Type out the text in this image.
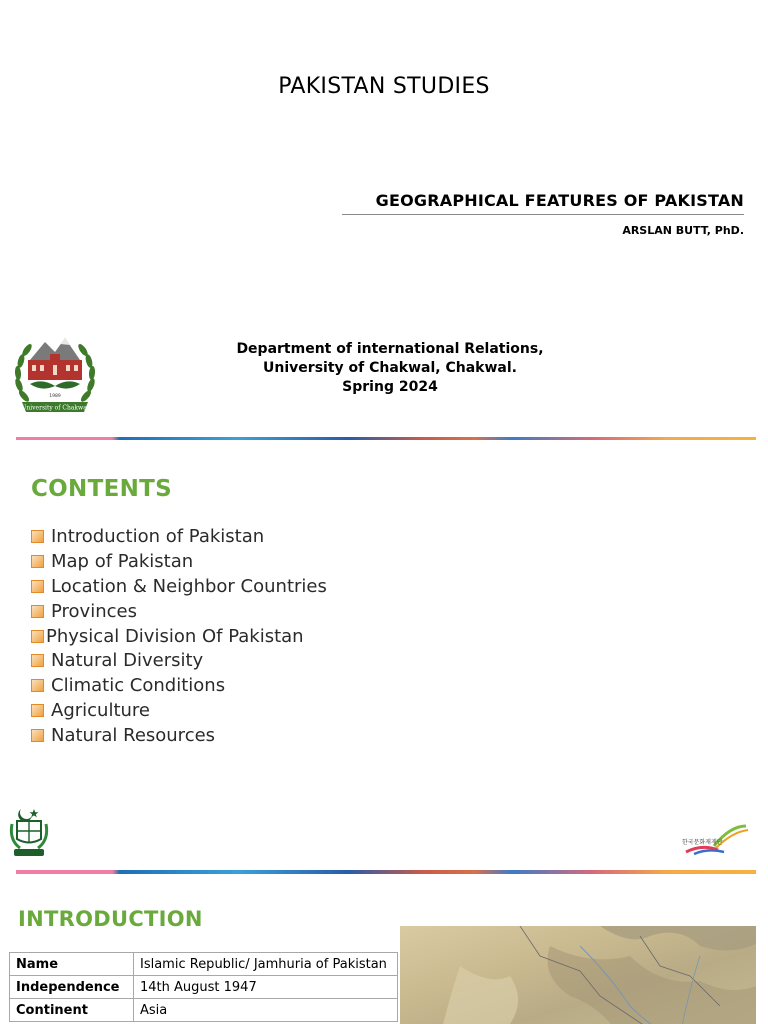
PAKISTAN STUDIES
GEOGRAPHICAL FEATURES OF PAKISTAN
ARSLAN BUTT, PhD.
Department of international Relations,
University of Chakwal, Chakwal.
Spring 2024
University of Chakwal
1989
CONTENTS
Introduction of Pakistan
Map of Pakistan
Location & Neighbor Countries
Provinces
Physical Division Of Pakistan
Natural Diversity
Climatic Conditions
Agriculture
Natural Resources
한국문화재재단
INTRODUCTION
Name	Islamic Republic/ Jamhuria of Pakistan
Independence	14th August 1947
Continent	Asia
